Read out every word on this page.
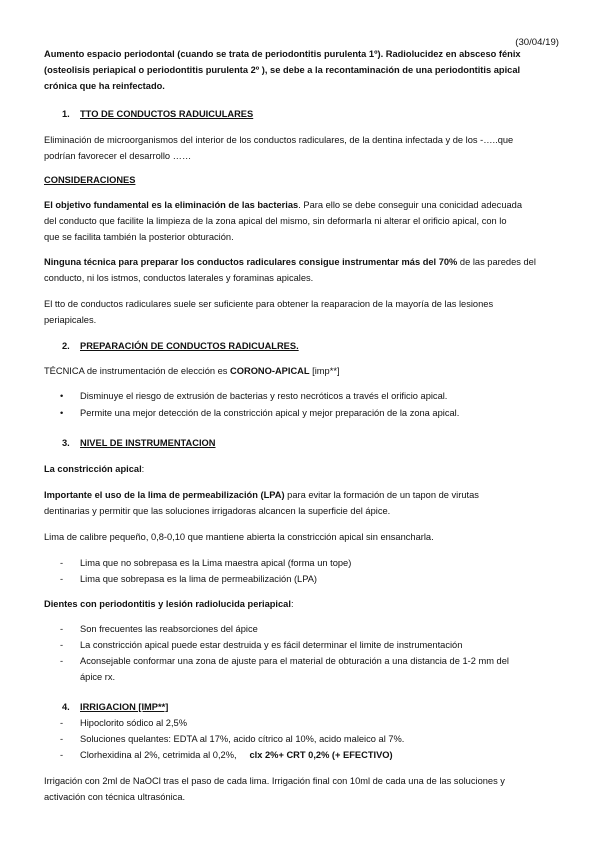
(30/04/19)
Aumento espacio periodontal (cuando se trata de periodontitis purulenta 1º). Radiolucidez en absceso fénix
(osteolisis periapical o periodontitis purulenta 2º ), se debe a la recontaminación de una periodontitis apical
crónica que ha reinfectado.
1. TTO DE CONDUCTOS RADUICULARES
Eliminación de microorganismos del interior de los conductos radiculares, de la dentina infectada y de los -…..que
podrían favorecer el desarrollo ……
CONSIDERACIONES
El objetivo fundamental es la eliminación de las bacterias. Para ello se debe conseguir una conicidad adecuada
del conducto que facilite la limpieza de la zona apical del mismo, sin deformarla ni alterar el orificio apical, con lo
que se facilita también la posterior obturación.
Ninguna técnica para preparar los conductos radiculares consigue instrumentar más del 70% de las paredes del
conducto, ni los istmos, conductos laterales y foraminas apicales.
El tto de conductos radiculares suele ser suficiente para obtener la reaparacion de la mayoría de las lesiones
periapicales.
2. PREPARACIÓN DE CONDUCTOS RADICUALRES.
TÉCNICA de instrumentación de elección es CORONO-APICAL [imp**]
• Disminuye el riesgo de extrusión de bacterias y resto necróticos a través el orificio apical.
• Permite una mejor detección de la constricción apical y mejor preparación de la zona apical.
3. NIVEL DE INSTRUMENTACION
La constricción apical:
Importante el uso de la lima de permeabilización (LPA) para evitar la formación de un tapon de virutas
dentinarias y permitir que las soluciones irrigadoras alcancen la superficie del ápice.
Lima de calibre pequeño, 0,8-0,10 que mantiene abierta la constricción apical sin ensancharla.
- Lima que no sobrepasa es la Lima maestra apical (forma un tope)
- Lima que sobrepasa es la lima de permeabilización (LPA)
Dientes con periodontitis y lesión radiolucida periapical:
- Son frecuentes las reabsorciones del ápice
- La constricción apical puede estar destruida y es fácil determinar el limite de instrumentación
- Aconsejable conformar una zona de ajuste para el material de obturación a una distancia de 1-2 mm del
ápice rx.
4. IRRIGACION [IMP**]
- Hipoclorito sódico al 2,5%
- Soluciones quelantes: EDTA al 17%, acido cítrico al 10%, acido maleico al 7%.
- Clorhexidina al 2%, cetrimida al 0,2%,     clx 2%+ CRT 0,2% (+ EFECTIVO)
Irrigación con 2ml de NaOCl tras el paso de cada lima. Irrigación final con 10ml de cada una de las soluciones y
activación con técnica ultrasónica.
